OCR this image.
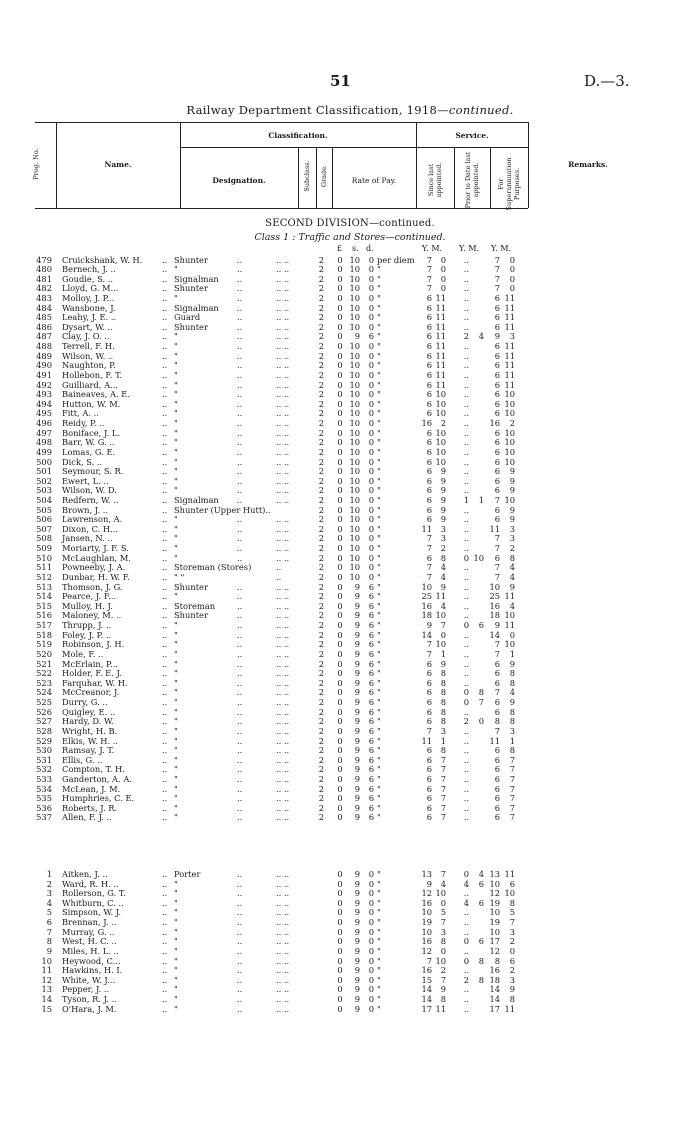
51	D.—3.
Railway Department Classification, 1918—continued.
Prog. No.	Name.
Classification.
Designation.	Subclass. Grade.	Rate of Pay.
Service.
Since last appointed.	Prior to Date last appointed.	For Superannuation Purposes.
Remarks.
SECOND DIVISION—continued.
Class 1 : Traffic and Stores—continued.
£ s. d.	Y. M. Y. M. Y. M.
479 Cruickshank, W. H. .. Shunter	..	.. ..	2	0 10	0 per diem	7	0	..	7	0
480 Bernech, J. ..	.. "	..	.. ..	2	0 10	0 "	7	0	..	7	0
481 Goudie, S. ..	.. Signalman ..	.. ..	2	0 10	0 "	7	0	..	7	0
482 Lloyd, G. M...	.. Shunter	..	.. ..	2	0 10	0 "	7	0	..	7	0
483 Molloy, J. P...	.. "	..	.. ..	2	0 10	0 "	6 11	..	6 11
484 Wansbone, J.	.. Signalman ..	.. ..	2	0 10	0 "	6 11	..	6 11
485 Leahy, J. E. ..	.. Guard	..	.. ..	2	0 10	0 "	6 11	..	6 11
486 Dysart, W. ..	.. Shunter	..	.. ..	2	0 10	0 "	6 11	..	6 11
487 Clay, J. O. ..	.. "	..	.. ..	2	0	9	6 "	6 11	2	4	9	3
488 Terrell, F. H.	.. "	..	.. ..	2	0 10	0 "	6 11	..	6 11
489 Wilson, W. ..	.. "	..	.. ..	2	0 10	0 "	6 11	..	6 11
490 Naughton, P.	.. "	..	.. ..	2	0 10	0 "	6 11	..	6 11
491 Hollebon, F. T.	.. "	..	.. ..	2	0 10	0 "	6 11	..	6 11
492 Guilliard, A...	.. "	..	.. ..	2	0 10	0 "	6 11	..	6 11
493 Baineaves, A. E.	.. "	..	.. ..	2	0 10	0 "	6 10	..	6 10
494 Hutton, W. M.	.. "	..	.. ..	2	0 10	0 "	6 10	..	6 10
495 Fitt, A. ..	.. "	..	.. ..	2	0 10	0 "	6 10	..	6 10
496 Reidy, P. ..	.. "	..	.. ..	2	0 10	0 "	16	2	.. 16	2
497 Boniface, J. L.	.. "	..	.. ..	2	0 10	0 "	6 10	..	6 10
498 Barr, W. G. ..	.. "	..	.. ..	2	0 10	0 "	6 10	..	6 10
499 Lomas, G. E.	.. "	..	.. ..	2	0 10	0 "	6 10	..	6 10
500 Dick, S. ..	.. "	..	.. ..	2	0 10	0 "	6 10	..	6 10
501 Seymour, S. R.	.. "	..	.. ..	2	0 10	0 "	6	9	..	6	9
502 Ewert, L. ..	.. "	..	.. ..	2	0 10	0 "	6	9	..	6	9
503 Wilson, W. D.	.. "	..	.. ..	2	0 10	0 "	6	9	..	6	9
504 Redfern, W. ..	.. Signalman ..	.. ..	2	0 10	0 "	6	9	1	1	7 10
505 Brown, J. ..	.. Shunter (Upper Hutt)..	2	0 10	0 "	6	9	..	6	9
506 Lawrenson, A.	.. "	..	.. ..	2	0 10	0 "	6	9	..	6	9
507 Dixon, C. H...	.. "	..	.. ..	2	0 10	0 "	11	3	.. 11	3
508 Jansen, N. ..	.. "	..	.. ..	2	0 10	0 "	7	3	..	7	3
509 Moriarty, J. F. S.	.. "	..	.. ..	2	0 10	0 "	7	2	..	7	2
510 McLaughlan, M.	.. "	..	.. ..	2	0 10	0 "	6	8	0 10	6	8
511 Powneeby, J. A.	.. Storeman (Stores)	..	2	0 10	0 "	7	4	..	7	4
512 Dunbar, H. W. F.	.. " "	..	2	0 10	0 "	7	4	..	7	4
513 Thomson, J. G.	.. Shunter	..	.. ..	2	0	9	6 "	10	9	.. 10	9
514 Pearce, J. F...	.. "	..	.. ..	2	0	9	6 "	25 11	.. 25 11
515 Mulloy, H. J.	.. Storeman	..	.. ..	2	0	9	6 "	16	4	.. 16	4
516 Maloney, M. ..	.. Shunter	..	.. ..	2	0	9	6 "	18 10	.. 18 10
517 Thrupp, J. ..	.. "	..	.. ..	2	0	9	6 "	9	7	0	6	9 11
518 Foley, J. P. ..	.. "	..	.. ..	2	0	9	6 "	14	0	.. 14	0
519 Robinson, J. H.	.. "	..	.. ..	2	0	9	6 "	7 10	..	7 10
520 Mole, F. ..	.. "	..	.. ..	2	0	9	6 "	7	1	..	7	1
521 McErlain, P...	.. "	..	.. ..	2	0	9	6 "	6	9	..	6	9
522 Holder, F. E. J.	.. "	..	.. ..	2	0	9	6 "	6	8	..	6	8
523 Farquhar, W. H.	.. "	..	.. ..	2	0	9	6 "	6	8	..	6	8
524 McCreanor, J.	.. "	..	.. ..	2	0	9	6 "	6	8	0	8	7	4
525 Durry, G. ..	.. "	..	.. ..	2	0	9	6 "	6	8	0	7	6	9
526 Quigley, E. ..	.. "	..	.. ..	2	0	9	6 "	6	8	..	6	8
527 Hardy, D. W.	.. "	..	.. ..	2	0	9	6 "	6	8	2	0	8	8
528 Wright, H. B.	.. "	..	.. ..	2	0	9	6 "	7	3	..	7	3
529 Elkis, W. H. ..	.. "	..	.. ..	2	0	9	6 "	11	1	.. 11	1
530 Ramsay, J. T.	.. "	..	.. ..	2	0	9	6 "	6	8	..	6	8
531 Ellis, G. ..	.. "	..	.. ..	2	0	9	6 "	6	7	..	6	7
532 Compton, T. H.	.. "	..	.. ..	2	0	9	6 "	6	7	..	6	7
533 Ganderton, A. A.	.. "	..	.. ..	2	0	9	6 "	6	7	..	6	7
534 McLean, J. M.	.. "	..	.. ..	2	0	9	6 "	6	7	..	6	7
535 Humphries, C. E.	.. "	..	.. ..	2	0	9	6 "	6	7	..	6	7
536 Roberts, J. R.	.. "	..	.. ..	2	0	9	6 "	6	7	..	6	7
537 Allen, F. J. ..	.. "	..	.. ..	2	0	9	6 "	6	7	..	6	7
1 Aitken, J. ..	.. Porter	..	.. ..	0	9	0 "	13	7	0	4 13 11
2 Ward, R. H. ..	.. "	..	.. ..	0	9	0 "	9	4	4	6 10	6
3 Rollerson, G. T.	.. "	..	.. ..	0	9	0 "	12 10	.. 12 10
4 Whitburn, C. ..	.. "	..	.. ..	0	9	0 "	16	0	4	6 19	8
5 Simpson, W. J.	.. "	..	.. ..	0	9	0 "	10	5	.. 10	5
6 Brennan, J. ..	.. "	..	.. ..	0	9	0 "	19	7	.. 19	7
7 Murray, G. ..	.. "	..	.. ..	0	9	0 "	10	3	.. 10	3
8 West, H. C. ..	.. "	..	.. ..	0	9	0 "	16	8	0	6 17	2
9 Miles, H. L. ..	.. "	..	.. ..	0	9	0 "	12	0	.. 12	0
10 Heywood, C...	.. "	..	.. ..	0	9	0 "	7 10	0	8	8	6
11 Hawkins, H. I.	.. "	..	.. ..	0	9	0 "	16	2	.. 16	2
12 White, W. J...	.. "	..	.. ..	0	9	0 "	15	7	2	8 18	3
13 Pepper, J. ..	.. "	..	.. ..	0	9	0 "	14	9	.. 14	9
14 Tyson, R. J. ..	.. "	..	.. ..	0	9	0 "	14	8	.. 14	8
15 O'Hara, J. M.	.. "	..	.. ..	0	9	0 "	17 11	.. 17 11
